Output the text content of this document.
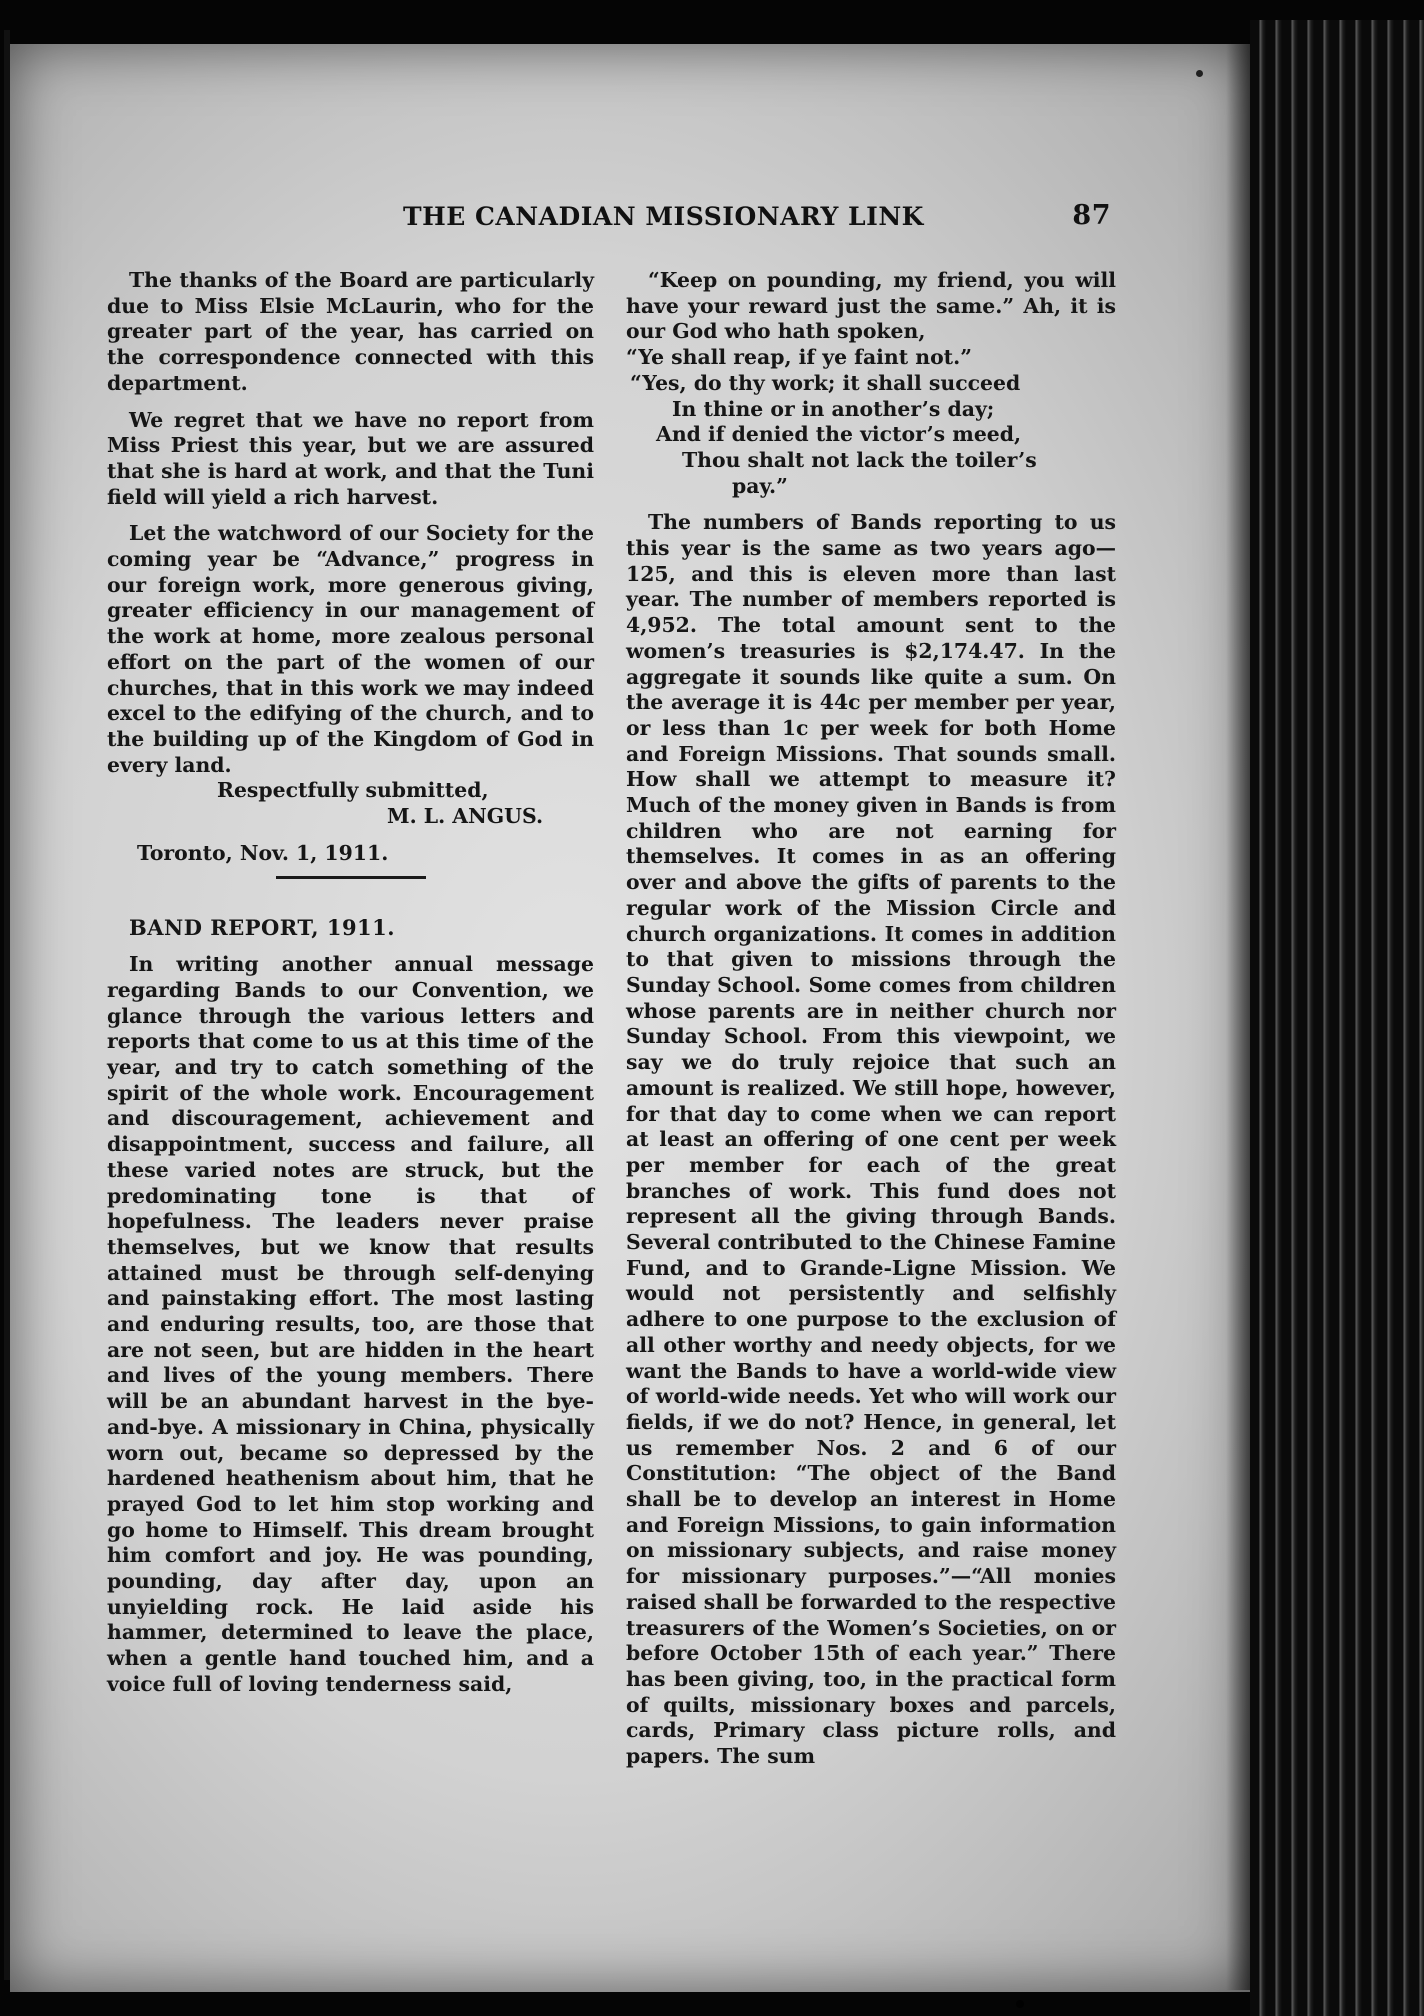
THE CANADIAN MISSIONARY LINK	87

The thanks of the Board are particularly due to Miss Elsie McLaurin, who for the greater part of the year, has carried on the correspondence connected with this department.

We regret that we have no report from Miss Priest this year, but we are assured that she is hard at work, and that the Tuni field will yield a rich harvest.

Let the watchword of our Society for the coming year be “Advance,” progress in our foreign work, more generous giving, greater efficiency in our management of the work at home, more zealous personal effort on the part of the women of our churches, that in this work we may indeed excel to the edifying of the church, and to the building up of the Kingdom of God in every land.

Respectfully submitted,

M. L. ANGUS.

Toronto, Nov. 1, 1911.

BAND REPORT, 1911.

In writing another annual message regarding Bands to our Convention, we glance through the various letters and reports that come to us at this time of the year, and try to catch something of the spirit of the whole work. Encouragement and discouragement, achievement and disappointment, success and failure, all these varied notes are struck, but the predominating tone is that of hopefulness. The leaders never praise themselves, but we know that results attained must be through self-denying and painstaking effort. The most lasting and enduring results, too, are those that are not seen, but are hidden in the heart and lives of the young members. There will be an abundant harvest in the bye-and-bye. A missionary in China, physically worn out, became so depressed by the hardened heathenism about him, that he prayed God to let him stop working and go home to Himself. This dream brought him comfort and joy. He was pounding, pounding, day after day, upon an unyielding rock. He laid aside his hammer, determined to leave the place, when a gentle hand touched him, and a voice full of loving tenderness said,

“Keep on pounding, my friend, you will have your reward just the same.” Ah, it is our God who hath spoken,

“Ye shall reap, if ye faint not.”

“Yes, do thy work; it shall succeed
In thine or in another’s day;
And if denied the victor’s meed,
Thou shalt not lack the toiler’s
pay.”

The numbers of Bands reporting to us this year is the same as two years ago—125, and this is eleven more than last year. The number of members reported is 4,952. The total amount sent to the women’s treasuries is $2,174.47. In the aggregate it sounds like quite a sum. On the average it is 44c per member per year, or less than 1c per week for both Home and Foreign Missions. That sounds small. How shall we attempt to measure it? Much of the money given in Bands is from children who are not earning for themselves. It comes in as an offering over and above the gifts of parents to the regular work of the Mission Circle and church organizations. It comes in addition to that given to missions through the Sunday School. Some comes from children whose parents are in neither church nor Sunday School. From this viewpoint, we say we do truly rejoice that such an amount is realized. We still hope, however, for that day to come when we can report at least an offering of one cent per week per member for each of the great branches of work. This fund does not represent all the giving through Bands. Several contributed to the Chinese Famine Fund, and to Grande-Ligne Mission. We would not persistently and selfishly adhere to one purpose to the exclusion of all other worthy and needy objects, for we want the Bands to have a world-wide view of world-wide needs. Yet who will work our fields, if we do not? Hence, in general, let us remember Nos. 2 and 6 of our Constitution: “The object of the Band shall be to develop an interest in Home and Foreign Missions, to gain information on missionary subjects, and raise money for missionary purposes.”—“All monies raised shall be forwarded to the respective treasurers of the Women’s Societies, on or before October 15th of each year.” There has been giving, too, in the practical form of quilts, missionary boxes and parcels, cards, Primary class picture rolls, and papers. The sum
